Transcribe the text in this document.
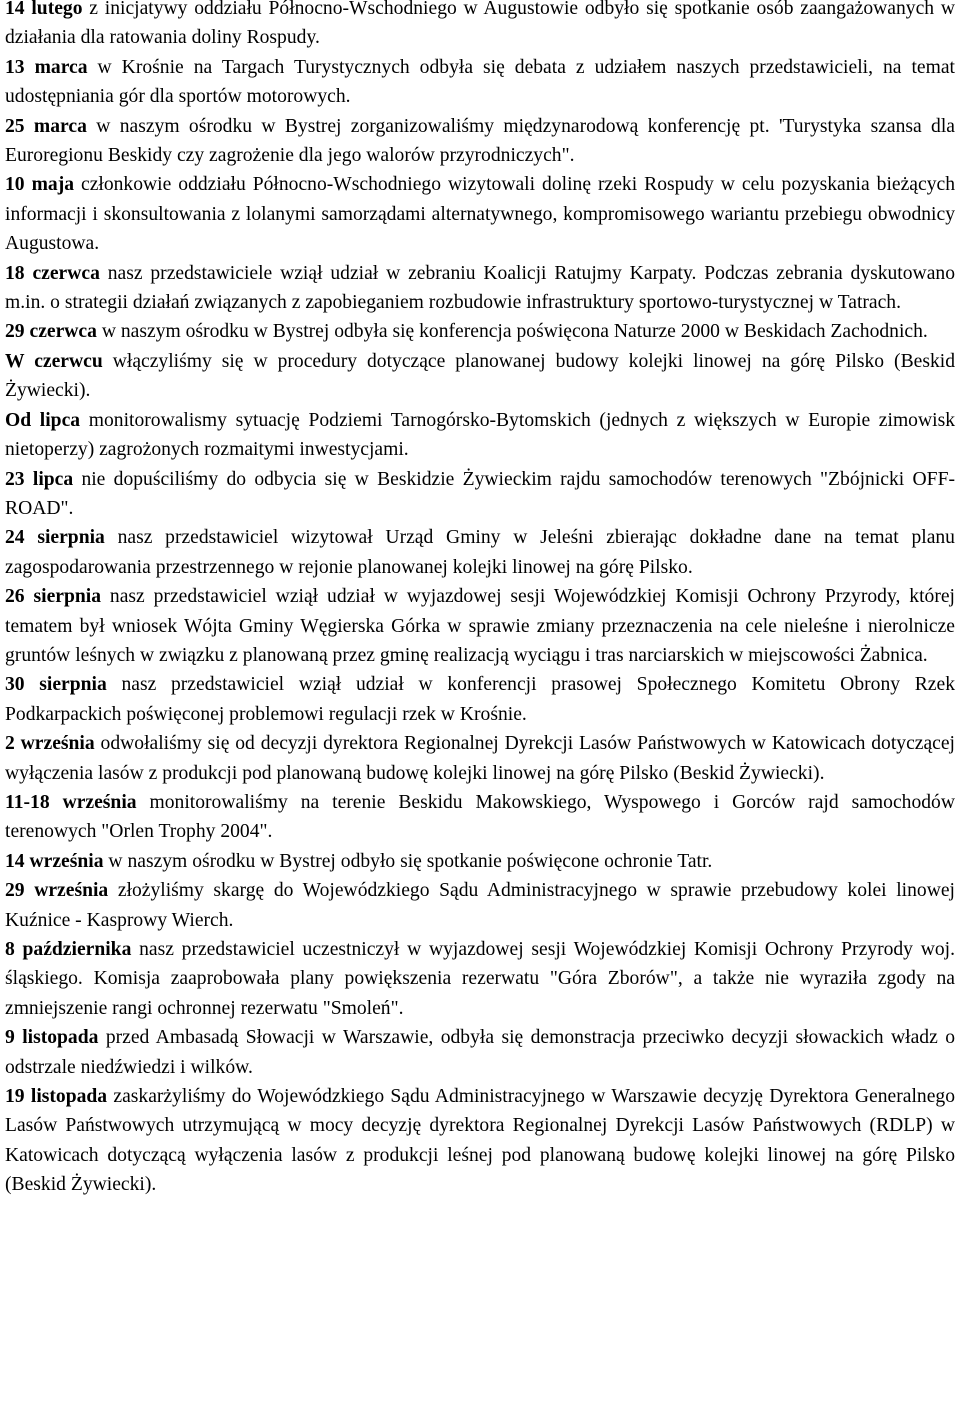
14 lutego z inicjatywy oddziału Północno-Wschodniego w Augustowie odbyło się spotkanie osób zaangażowanych w działania dla ratowania doliny Rospudy.

13 marca w Krośnie na Targach Turystycznych odbyła się debata z udziałem naszych przedstawicieli, na temat udostępniania gór dla sportów motorowych.

25 marca w naszym ośrodku w Bystrej zorganizowaliśmy międzynarodową konferencję pt. 'Turystyka szansa dla Euroregionu Beskidy czy zagrożenie dla jego walorów przyrodniczych".

10 maja członkowie oddziału Północno-Wschodniego wizytowali dolinę rzeki Rospudy w celu pozyskania bieżących informacji i skonsultowania z lolanymi samorządami alternatywnego, kompromisowego wariantu przebiegu obwodnicy Augustowa.

18 czerwca nasz przedstawiciele wziął udział w zebraniu Koalicji Ratujmy Karpaty. Podczas zebrania dyskutowano m.in. o strategii działań związanych z zapobieganiem rozbudowie infrastruktury sportowo-turystycznej w Tatrach.

29 czerwca w naszym ośrodku w Bystrej odbyła się konferencja poświęcona Naturze 2000 w Beskidach Zachodnich.

W czerwcu włączyliśmy się w procedury dotyczące planowanej budowy kolejki linowej na górę Pilsko (Beskid Żywiecki).

Od lipca monitorowalismy sytuację Podziemi Tarnogórsko-Bytomskich (jednych z większych w Europie zimowisk nietoperzy) zagrożonych rozmaitymi inwestycjami.

23 lipca nie dopuściliśmy do odbycia się w Beskidzie Żywieckim rajdu samochodów terenowych "Zbójnicki OFF-ROAD".

24 sierpnia nasz przedstawiciel wizytował Urząd Gminy w Jeleśni zbierając dokładne dane na temat planu zagospodarowania przestrzennego w rejonie planowanej kolejki linowej na górę Pilsko.

26 sierpnia nasz przedstawiciel wziął udział w wyjazdowej sesji Wojewódzkiej Komisji Ochrony Przyrody, której tematem był wniosek Wójta Gminy Węgierska Górka w sprawie zmiany przeznaczenia na cele nieleśne i nierolnicze gruntów leśnych w związku z planowaną przez gminę realizacją wyciągu i tras narciarskich w miejscowości Żabnica.

30 sierpnia nasz przedstawiciel wziął udział w konferencji prasowej Społecznego Komitetu Obrony Rzek Podkarpackich poświęconej problemowi regulacji rzek w Krośnie.

2 września odwołaliśmy się od decyzji dyrektora Regionalnej Dyrekcji Lasów Państwowych w Katowicach dotyczącej wyłączenia lasów z produkcji pod planowaną budowę kolejki linowej na górę Pilsko (Beskid Żywiecki).

11-18 września monitorowaliśmy na terenie Beskidu Makowskiego, Wyspowego i Gorców rajd samochodów terenowych "Orlen Trophy 2004".

14 września w naszym ośrodku w Bystrej odbyło się spotkanie poświęcone ochronie Tatr.

29 września złożyliśmy skargę do Wojewódzkiego Sądu Administracyjnego w sprawie przebudowy kolei linowej Kuźnice - Kasprowy Wierch.

8 października nasz przedstawiciel uczestniczył w wyjazdowej sesji Wojewódzkiej Komisji Ochrony Przyrody woj. śląskiego. Komisja zaaprobowała plany powiększenia rezerwatu "Góra Zborów", a także nie wyraziła zgody na zmniejszenie rangi ochronnej rezerwatu "Smoleń".

9 listopada przed Ambasadą Słowacji w Warszawie, odbyła się demonstracja przeciwko decyzji słowackich władz o odstrzale niedźwiedzi i wilków.

19 listopada zaskarżyliśmy do Wojewódzkiego Sądu Administracyjnego w Warszawie decyzję Dyrektora Generalnego Lasów Państwowych utrzymującą w mocy decyzję dyrektora Regionalnej Dyrekcji Lasów Państwowych (RDLP) w Katowicach dotyczącą wyłączenia lasów z produkcji leśnej pod planowaną budowę kolejki linowej na górę Pilsko (Beskid Żywiecki).
